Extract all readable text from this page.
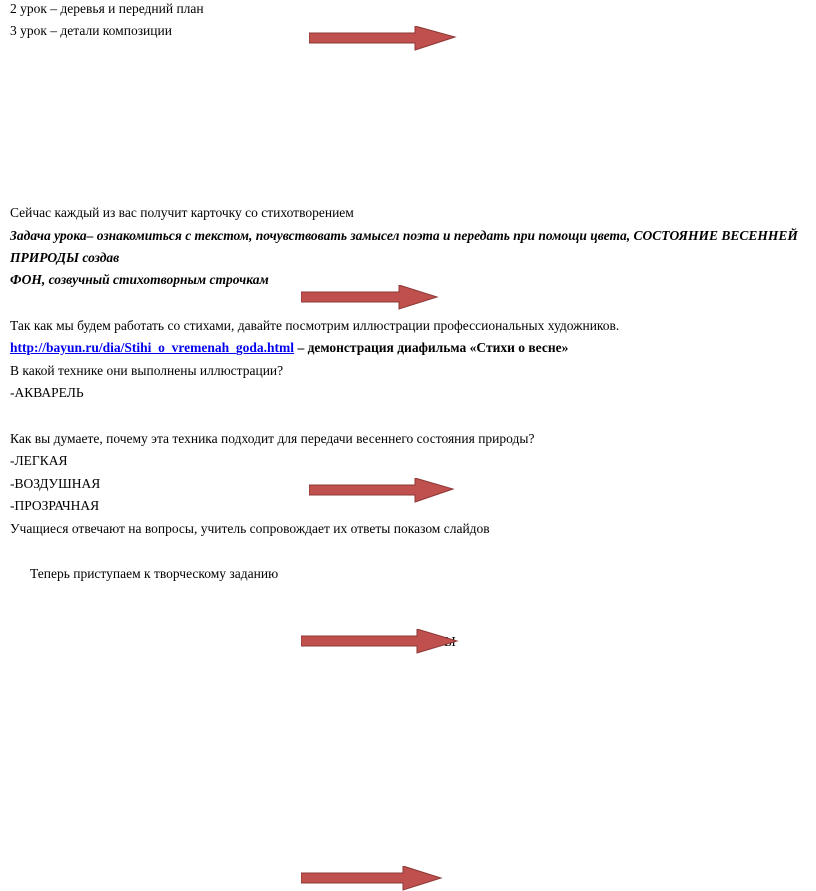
2 урок – деревья и передний план
3 урок – детали композиции
Сейчас каждый из вас получит карточку со стихотворением
Задача урока– ознакомиться с текстом, почувствовать замысел поэта и передать при помощи цвета, СОСТОЯНИЕ ВЕСЕННЕЙ
ПРИРОДЫ создав
ФОН, созвучный стихотворным строчкам
Так как мы будем работать со стихами, давайте посмотрим иллюстрации профессиональных художников.
http://bayun.ru/dia/Stihi_o_vremenah_goda.html – демонстрация диафильма «Стихи о весне»
В какой технике они выполнены иллюстрации?
-АКВАРЕЛЬ
Как вы думаете, почему эта техника подходит для передачи весеннего состояния природы?
-ЛЕГКАЯ
-ВОЗДУШНАЯ
-ПРОЗРАЧНАЯ
Учащиеся отвечают на вопросы, учитель сопровождает их ответы показом слайдов
Теперь приступаем к творческому заданию
